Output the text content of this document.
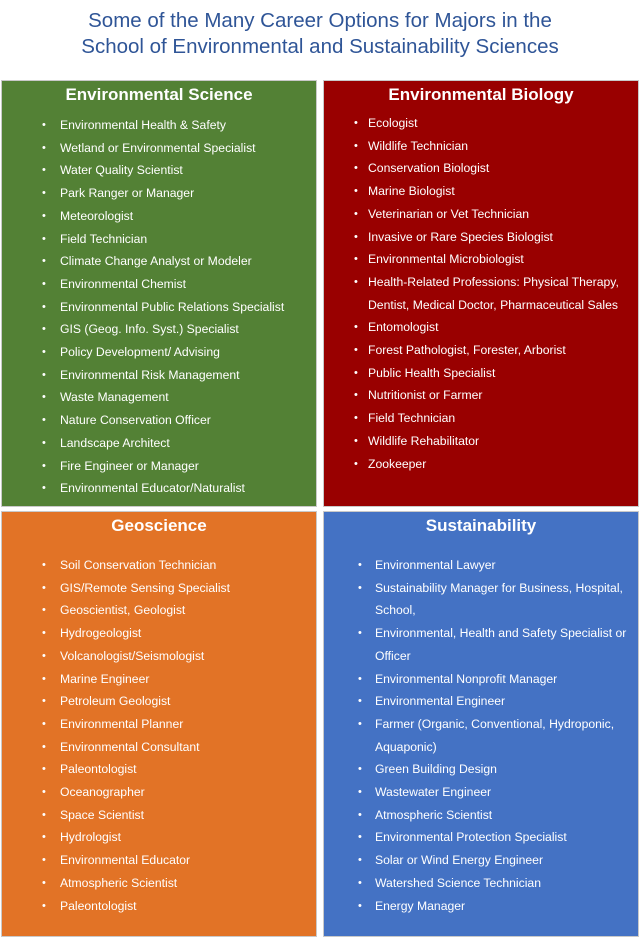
Some of the Many Career Options for Majors in the
School of Environmental and Sustainability Sciences
Environmental Science
• Environmental Health & Safety
• Wetland or Environmental Specialist
• Water Quality Scientist
• Park Ranger or Manager
• Meteorologist
• Field Technician
• Climate Change Analyst or Modeler
• Environmental Chemist
• Environmental Public Relations Specialist
• GIS (Geog. Info. Syst.) Specialist
• Policy Development/ Advising
• Environmental Risk Management
• Waste Management
• Nature Conservation Officer
• Landscape Architect
• Fire Engineer or Manager
• Environmental Educator/Naturalist
Environmental Biology
• Ecologist
• Wildlife Technician
• Conservation Biologist
• Marine Biologist
• Veterinarian or Vet Technician
• Invasive or Rare Species Biologist
• Environmental Microbiologist
• Health-Related Professions: Physical Therapy, Dentist, Medical Doctor, Pharmaceutical Sales
• Entomologist
• Forest Pathologist, Forester, Arborist
• Public Health Specialist
• Nutritionist or Farmer
• Field Technician
• Wildlife Rehabilitator
• Zookeeper
Geoscience
• Soil Conservation Technician
• GIS/Remote Sensing Specialist
• Geoscientist, Geologist
• Hydrogeologist
• Volcanologist/Seismologist
• Marine Engineer
• Petroleum Geologist
• Environmental Planner
• Environmental Consultant
• Paleontologist
• Oceanographer
• Space Scientist
• Hydrologist
• Environmental Educator
• Atmospheric Scientist
• Paleontologist
Sustainability
• Environmental Lawyer
• Sustainability Manager for Business, Hospital, School,
• Environmental, Health and Safety Specialist or Officer
• Environmental Nonprofit Manager
• Environmental Engineer
• Farmer (Organic, Conventional, Hydroponic, Aquaponic)
• Green Building Design
• Wastewater Engineer
• Atmospheric Scientist
• Environmental Protection Specialist
• Solar or Wind Energy Engineer
• Watershed Science Technician
• Energy Manager
